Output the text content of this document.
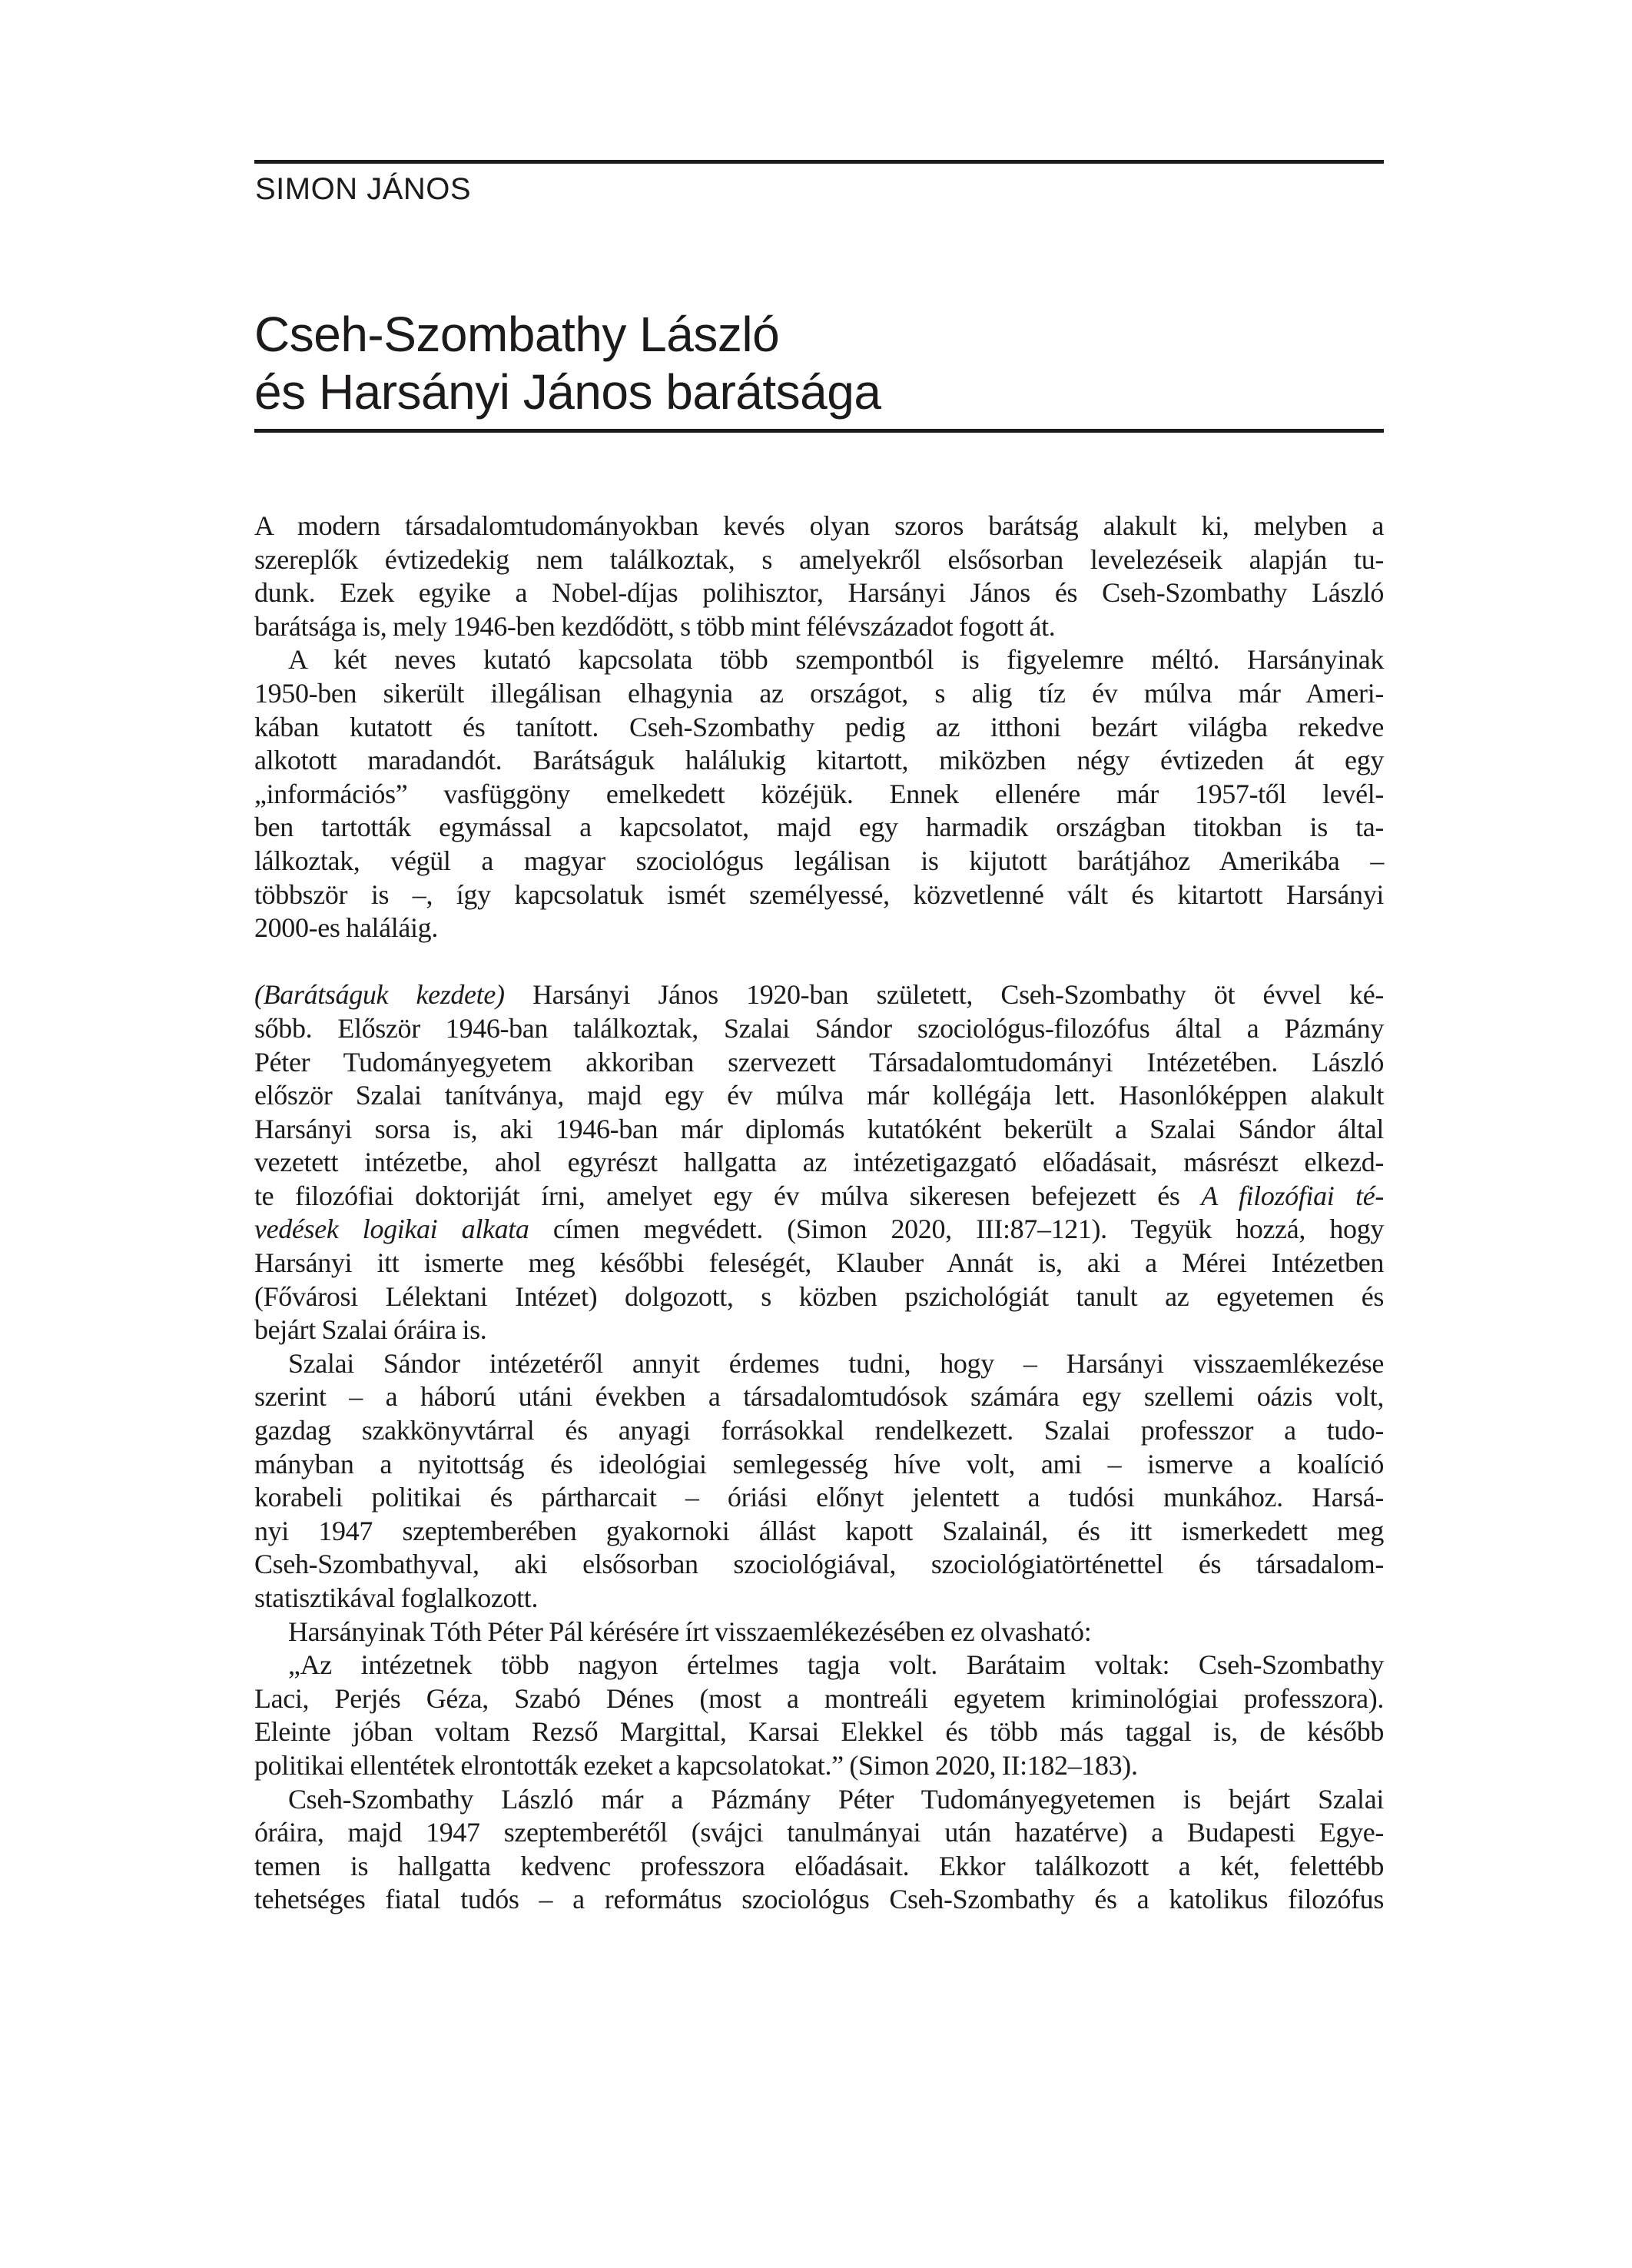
SIMON JÁNOS
Cseh-Szombathy László
és Harsányi János barátsága
A modern társadalomtudományokban kevés olyan szoros barátság alakult ki, melyben a
szereplők évtizedekig nem találkoztak, s amelyekről elsősorban levelezéseik alapján tu-
dunk. Ezek egyike a Nobel-díjas polihisztor, Harsányi János és Cseh-Szombathy László
barátsága is, mely 1946-ben kezdődött, s több mint félévszázadot fogott át.
A két neves kutató kapcsolata több szempontból is figyelemre méltó. Harsányinak
1950-ben sikerült illegálisan elhagynia az országot, s alig tíz év múlva már Ameri-
kában kutatott és tanított. Cseh-Szombathy pedig az itthoni bezárt világba rekedve
alkotott maradandót. Barátságuk halálukig kitartott, miközben négy évtizeden át egy
„információs” vasfüggöny emelkedett közéjük. Ennek ellenére már 1957-től levél-
ben tartották egymással a kapcsolatot, majd egy harmadik országban titokban is ta-
lálkoztak, végül a magyar szociológus legálisan is kijutott barátjához Amerikába –
többször is –, így kapcsolatuk ismét személyessé, közvetlenné vált és kitartott Harsányi
2000-es haláláig.
(Barátságuk kezdete) Harsányi János 1920-ban született, Cseh-Szombathy öt évvel ké-
sőbb. Először 1946-ban találkoztak, Szalai Sándor szociológus-filozófus által a Pázmány
Péter Tudományegyetem akkoriban szervezett Társadalomtudományi Intézetében. László
először Szalai tanítványa, majd egy év múlva már kollégája lett. Hasonlóképpen alakult
Harsányi sorsa is, aki 1946-ban már diplomás kutatóként bekerült a Szalai Sándor által
vezetett intézetbe, ahol egyrészt hallgatta az intézetigazgató előadásait, másrészt elkezd-
te filozófiai doktoriját írni, amelyet egy év múlva sikeresen befejezett és A filozófiai té-
vedések logikai alkata címen megvédett. (Simon 2020, III:87–121). Tegyük hozzá, hogy
Harsányi itt ismerte meg későbbi feleségét, Klauber Annát is, aki a Mérei Intézetben
(Fővárosi Lélektani Intézet) dolgozott, s közben pszichológiát tanult az egyetemen és
bejárt Szalai óráira is.
Szalai Sándor intézetéről annyit érdemes tudni, hogy – Harsányi visszaemlékezése
szerint – a háború utáni években a társadalomtudósok számára egy szellemi oázis volt,
gazdag szakkönyvtárral és anyagi forrásokkal rendelkezett. Szalai professzor a tudo-
mányban a nyitottság és ideológiai semlegesség híve volt, ami – ismerve a koalíció
korabeli politikai és pártharcait – óriási előnyt jelentett a tudósi munkához. Harsá-
nyi 1947 szeptemberében gyakornoki állást kapott Szalainál, és itt ismerkedett meg
Cseh-Szombathyval, aki elsősorban szociológiával, szociológiatörténettel és társadalom-
statisztikával foglalkozott.
Harsányinak Tóth Péter Pál kérésére írt visszaemlékezésében ez olvasható:
„Az intézetnek több nagyon értelmes tagja volt. Barátaim voltak: Cseh-Szombathy
Laci, Perjés Géza, Szabó Dénes (most a montreáli egyetem kriminológiai professzora).
Eleinte jóban voltam Rezső Margittal, Karsai Elekkel és több más taggal is, de később
politikai ellentétek elrontották ezeket a kapcsolatokat.” (Simon 2020, II:182–183).
Cseh-Szombathy László már a Pázmány Péter Tudományegyetemen is bejárt Szalai
óráira, majd 1947 szeptemberétől (svájci tanulmányai után hazatérve) a Budapesti Egye-
temen is hallgatta kedvenc professzora előadásait. Ekkor találkozott a két, felettébb
tehetséges fiatal tudós – a református szociológus Cseh-Szombathy és a katolikus filozófus
